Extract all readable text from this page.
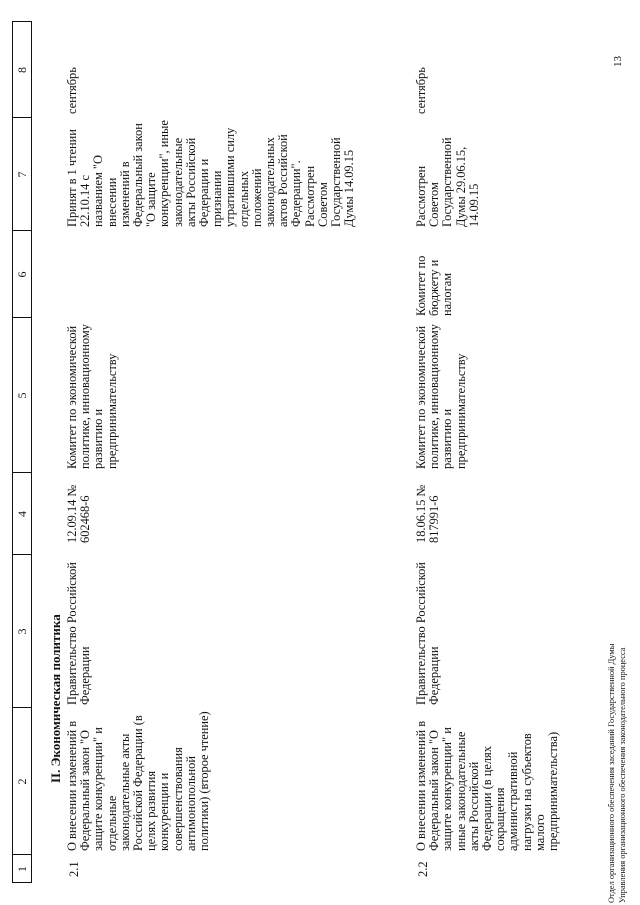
1
2
3
4
5
6
7
8
II. Экономическая политика
2.1
О внесении изменений в Федеральный закон "О защите конкуренции" и отдельные законодательные акты Российской Федерации (в целях развития конкуренции и совершенствования антимонопольной политики) (второе чтение)
Правительство Российской Федерации
12.09.14 № 602468-6
Комитет по экономической политике, инновационному развитию и предпринимательству
Принят в 1 чтении 22.10.14 с названием "О внесении изменений в Федеральный закон "О защите конкуренции", иные законодательные акты Российской Федерации и признании утратившими силу отдельных положений законодательных актов Российской Федерации". Рассмотрен Советом Государственной Думы 14.09.15
сентябрь
2.2
О внесении изменений в Федеральный закон "О защите конкуренции" и иные законодательные акты Российской Федерации (в целях сокращения административной нагрузки на субъектов малого предпринимательства)
Правительство Российской Федерации
18.06.15 № 817991-6
Комитет по экономической политике, инновационному развитию и предпринимательству
Комитет по бюджету и налогам
Рассмотрен Советом Государственной Думы 29.06.15, 14.09.15
сентябрь
Отдел организационного обеспечения заседаний Государственной Думы Управления организационного обеспечения законодательного процесса
13
